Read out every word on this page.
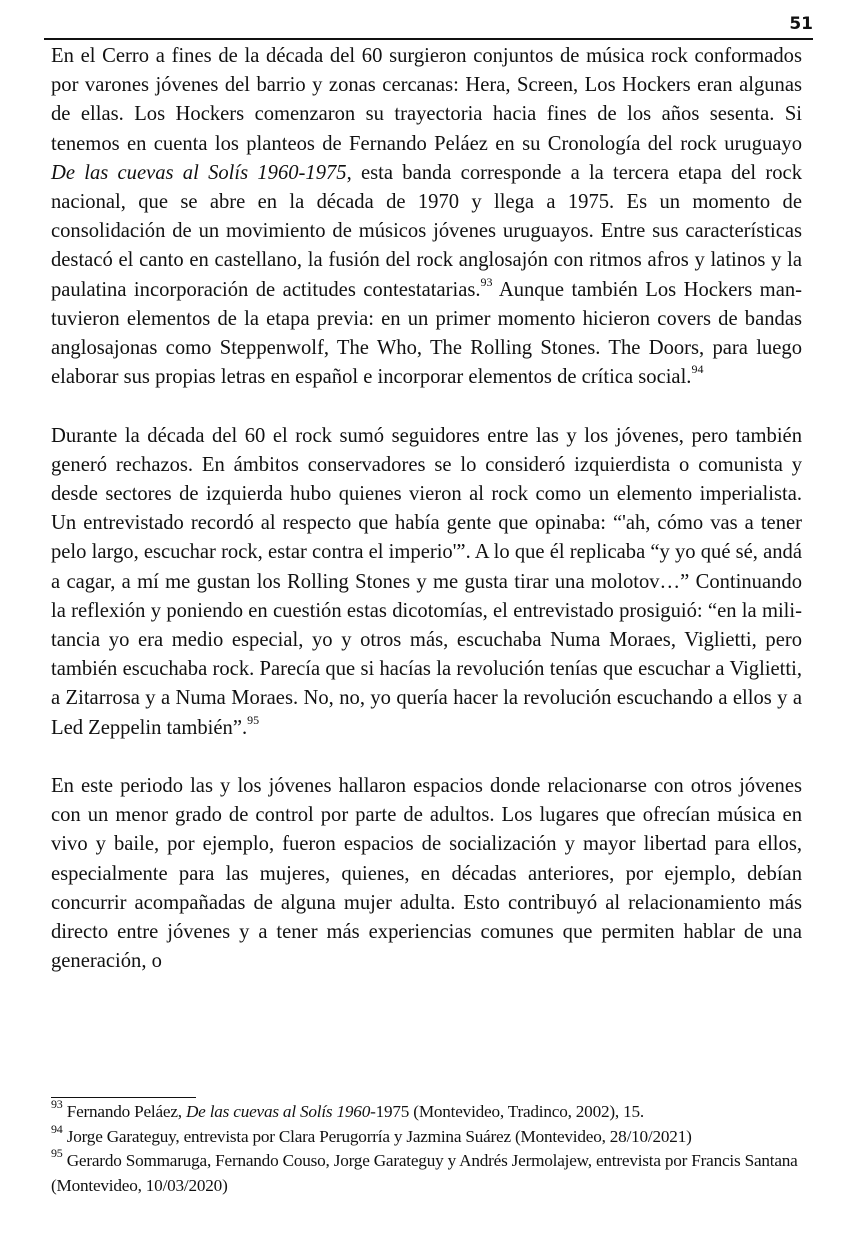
51

En el Cerro a fines de la década del 60 surgieron conjuntos de música rock conformados por varones jóvenes del barrio y zonas cercanas: Hera, Screen, Los Hockers eran algunas de ellas. Los Hockers comenzaron su trayectoria hacia fines de los años sesenta. Si tenemos en cuenta los planteos de Fernando Peláez en su Cronología del rock uruguayo De las cuevas al Solís 1960-1975, esta banda corresponde a la tercera etapa del rock nacional, que se abre en la década de 1970 y llega a 1975. Es un momento de consolidación de un movimiento de músicos jóvenes uruguayos. Entre sus características destacó el canto en castellano, la fusión del rock anglosajón con ritmos afros y latinos y la paulatina incorporación de actitudes contestatarias.$^{93}$ Aunque también Los Hockers mantuvieron elementos de la etapa previa: en un primer momento hicieron covers de bandas anglosajonas como Steppenwolf, The Who, The Rolling Stones. The Doors, para luego elaborar sus propias letras en español e incorporar elementos de crítica social.$^{94}$

Durante la década del 60 el rock sumó seguidores entre las y los jóvenes, pero también generó rechazos. En ámbitos conservadores se lo consideró izquierdista o comunista y desde sectores de izquierda hubo quienes vieron al rock como un elemento imperialista. Un entrevistado recordó al respecto que había gente que opinaba: “'ah, cómo vas a tener pelo largo, escuchar rock, estar contra el imperio'”. A lo que él replicaba “y yo qué sé, andá a cagar, a mí me gustan los Rolling Stones y me gusta tirar una molotov…” Continuando la reflexión y poniendo en cuestión estas dicotomías, el entrevistado prosiguió: “en la militancia yo era medio especial, yo y otros más, escuchaba Numa Moraes, Viglietti, pero también escuchaba rock. Parecía que si hacías la revolución tenías que escuchar a Viglietti, a Zitarrosa y a Numa Moraes. No, no, yo quería hacer la revolución escuchando a ellos y a Led Zeppelin también”.$^{95}$

En este periodo las y los jóvenes hallaron espacios donde relacionarse con otros jóvenes con un menor grado de control por parte de adultos. Los lugares que ofrecían música en vivo y baile, por ejemplo, fueron espacios de socialización y mayor libertad para ellos, especialmente para las mujeres, quienes, en décadas anteriores, por ejemplo, debían concurrir acompañadas de alguna mujer adulta. Esto contribuyó al relacionamiento más directo entre jóvenes y a tener más experiencias comunes que permiten hablar de una generación, o

$^{93}$ Fernando Peláez, De las cuevas al Solís 1960-1975 (Montevideo, Tradinco, 2002), 15.

$^{94}$ Jorge Garateguy, entrevista por Clara Perugorría y Jazmina Suárez (Montevideo, 28/10/2021)

$^{95}$ Gerardo Sommaruga, Fernando Couso, Jorge Garateguy y Andrés Jermolajew, entrevista por Francis Santana (Montevideo, 10/03/2020)
